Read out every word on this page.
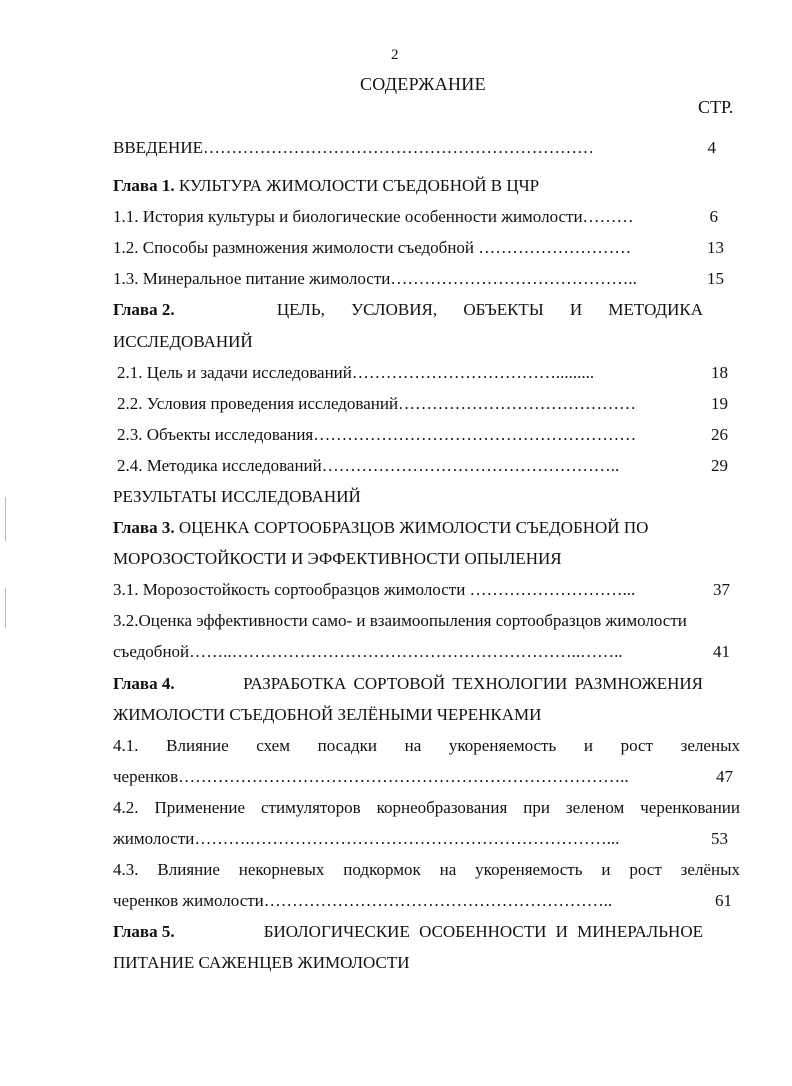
2
СОДЕРЖАНИЕ
СТР.
ВВЕДЕНИЕ……………………………………………………………	4
Глава 1. КУЛЬТУРА ЖИМОЛОСТИ СЪЕДОБНОЙ В ЦЧР
1.1. История культуры и биологические особенности жимолости………	6
1.2. Способы размножения жимолости съедобной ………………………	13
1.3. Минеральное питание жимолости……………………………………..	15
Глава 2.	ЦЕЛЬ, УСЛОВИЯ, ОБЪЕКТЫ И МЕТОДИКА
ИССЛЕДОВАНИЙ
2.1. Цель и задачи исследований……………………………….........	18
2.2. Условия проведения исследований……………………………………	19
2.3. Объекты исследования…………………………………………………	26
2.4. Методика исследований……………………………………………..	29
РЕЗУЛЬТАТЫ ИССЛЕДОВАНИЙ
Глава 3. ОЦЕНКА СОРТООБРАЗЦОВ ЖИМОЛОСТИ СЪЕДОБНОЙ ПО
МОРОЗОСТОЙКОСТИ И ЭФФЕКТИВНОСТИ ОПЫЛЕНИЯ
3.1. Морозостойкость сортообразцов жимолости ………………………...	37
3.2.Оценка эффективности само- и взаимоопыления сортообразцов жимолости
съедобной……..……………………………………………………..……..	41
Глава 4.	РАЗРАБОТКА СОРТОВОЙ ТЕХНОЛОГИИ РАЗМНОЖЕНИЯ
ЖИМОЛОСТИ СЪЕДОБНОЙ ЗЕЛЁНЫМИ ЧЕРЕНКАМИ
4.1. Влияние схем посадки на укореняемость и рост зеленых
черенков……………………………………………………………………..	47
4.2. Применение стимуляторов корнеобразования при зеленом черенковании
жимолости……….………………………………………………………...	53
4.3. Влияние некорневых подкормок на укореняемость и рост зелёных
черенков жимолости……………………………………………………..	61
Глава 5.	БИОЛОГИЧЕСКИЕ ОСОБЕННОСТИ И МИНЕРАЛЬНОЕ
ПИТАНИЕ САЖЕНЦЕВ ЖИМОЛОСТИ
